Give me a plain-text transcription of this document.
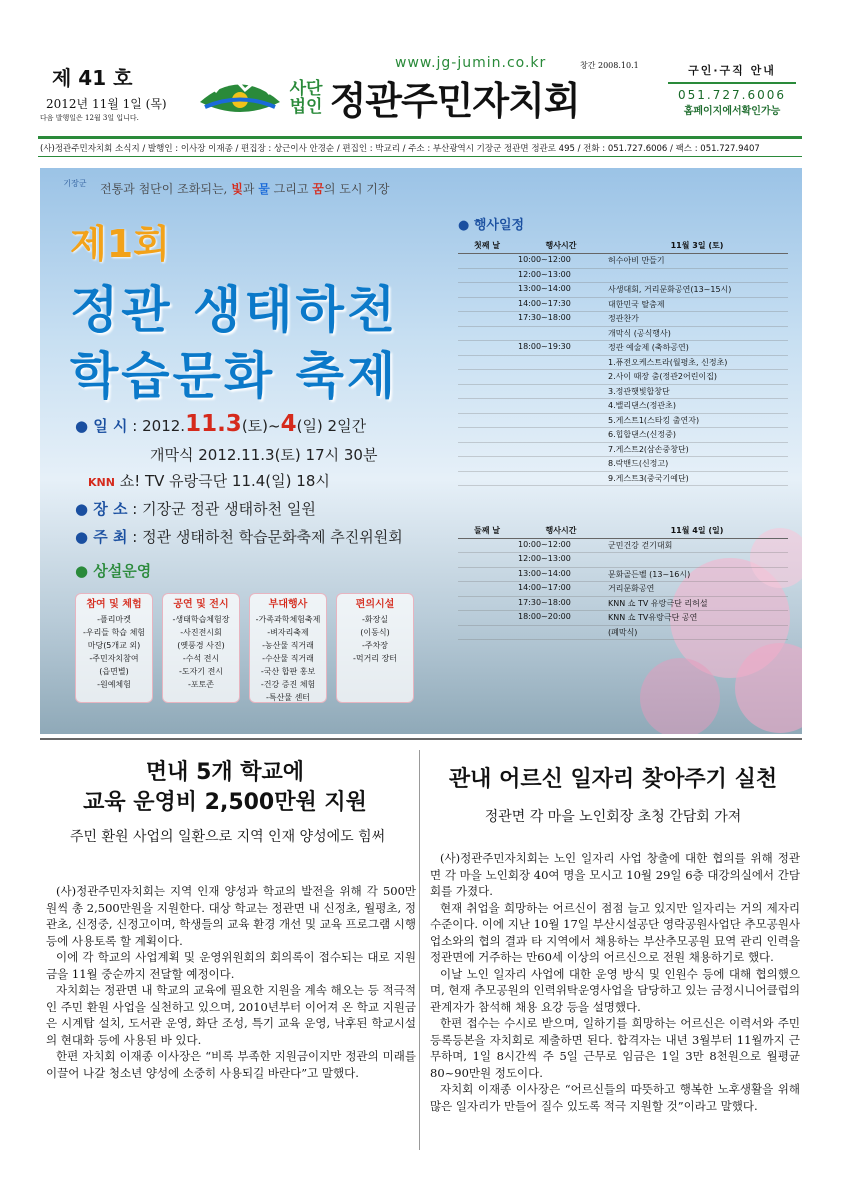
제 41 호
2012년 11월 1일 (목)
다음 발행일은 12월 3일 입니다.
www.jg-jumin.co.kr	창간 2008.10.1
사단
법인 정관주민자치회
구인·구직 안내
051.727.6006
홈페이지에서확인가능
(사)정관주민자치회 소식지 / 발행인 : 이사장 이재종 / 편집장 : 상근이사 안경순 / 편집인 : 박교리 / 주소 : 부산광역시 기장군 정관면 정관로 495 / 전화 : 051.727.6006 / 팩스 : 051.727.9407
기장군	전통과 첨단이 조화되는, 빛과 물 그리고 꿈의 도시 기장
제1회
정관 생태하천
학습문화 축제
● 일 시 : 2012.11.3(토)~4(일) 2일간
개막식 2012.11.3(토) 17시 30분
KNN 쇼! TV 유랑극단 11.4(일) 18시
● 장 소 : 기장군 정관 생태하천 일원
● 주 최 : 정관 생태하천 학습문화축제 추진위원회
● 상설운영
참여 및 체험
-플리마켓
-우리들 학습 체험
마당(5개교 외)
-주민자치참여
(읍면별)
-원예체험
공연 및 전시
-생태학습체험장
-사진전시회
(옛풍경 사진)
-수석 전시
-도자기 전시
-포토존
부대행사
-가족과학체험축제
-벼자리축제
-농산물 직거래
-수산물 직거래
-국산 합판 홍보
-건강 증진 체험
-특산물 센터
편의시설
-화장실
(이동식)
-주차장
-먹거리 장터
● 행사일정
첫째 날	행사시간	11월 3일 (토)
	10:00~12:00	허수아비 만들기
	12:00~13:00	
	13:00~14:00	사생대회, 거리문화공연(13~15시)
	14:00~17:30	대한민국 탈춤제
	17:30~18:00	정관찬가
		개막식 (공식행사)
	18:00~19:30	정관 예술제 (축하공연)
		1.퓨전오케스트라(월평초, 신정초)
		2.사이 때장 춤(정관2어린이집)
		3.정관햇빛합창단
		4.밸리댄스(정관초)
		5.게스트1(스타킹 출연자)
		6.힙합댄스(신정중)
		7.게스트2(삼손중창단)
		8.락밴드(신정고)
		9.게스트3(중국기예단)

둘째 날	행사시간	11월 4일 (일)
	10:00~12:00	군민건강 걷기대회
	12:00~13:00	
	13:00~14:00	문화골든벨 (13~16시)
	14:00~17:00	거리문화공연
	17:30~18:00	KNN 쇼 TV 유랑극단 리허설
	18:00~20:00	KNN 쇼 TV유랑극단 공연
		(폐막식)
면내 5개 학교에
교육 운영비 2,500만원 지원
주민 환원 사업의 일환으로 지역 인재 양성에도 힘써

(사)정관주민자치회는 지역 인재 양성과 학교의 발전을 위해 각 500만원씩 총 2,500만원을 지원한다. 대상 학교는 정관면 내 신정초, 월평초, 정관초, 신정중, 신정고이며, 학생들의 교육 환경 개선 및 교육 프로그램 시행 등에 사용토록 할 계획이다.

이에 각 학교의 사업계획 및 운영위원회의 회의록이 접수되는 대로 지원금을 11월 중순까지 전달할 예정이다.

자치회는 정관면 내 학교의 교육에 필요한 지원을 계속 해오는 등 적극적인 주민 환원 사업을 실천하고 있으며, 2010년부터 이어져 온 학교 지원금은 시계탑 설치, 도서관 운영, 화단 조성, 특기 교육 운영, 낙후된 학교시설의 현대화 등에 사용된 바 있다.

한편 자치회 이재종 이사장은 “비록 부족한 지원금이지만 정관의 미래를 이끌어 나갈 청소년 양성에 소중히 사용되길 바란다”고 말했다.

관내 어르신 일자리 찾아주기 실천
정관면 각 마을 노인회장 초청 간담회 가져

(사)정관주민자치회는 노인 일자리 사업 창출에 대한 협의를 위해 정관면 각 마을 노인회장 40여 명을 모시고 10월 29일 6층 대강의실에서 간담회를 가졌다.

현재 취업을 희망하는 어르신이 점점 늘고 있지만 일자리는 거의 제자리 수준이다. 이에 지난 10월 17일 부산시설공단 영락공원사업단 추모공원사업소와의 협의 결과 타 지역에서 채용하는 부산추모공원 묘역 관리 인력을 정관면에 거주하는 만60세 이상의 어르신으로 전원 채용하기로 했다.

이날 노인 일자리 사업에 대한 운영 방식 및 인원수 등에 대해 협의했으며, 현재 추모공원의 인력위탁운영사업을 담당하고 있는 금정시니어클럽의 관계자가 참석해 채용 요강 등을 설명했다.

한편 접수는 수시로 받으며, 일하기를 희망하는 어르신은 이력서와 주민등록등본을 자치회로 제출하면 된다. 합격자는 내년 3월부터 11월까지 근무하며, 1일 8시간씩 주 5일 근무로 임금은 1일 3만 8천원으로 월평균 80~90만원 정도이다.

자치회 이재종 이사장은 “어르신들의 따뜻하고 행복한 노후생활을 위해 많은 일자리가 만들어 질수 있도록 적극 지원할 것”이라고 말했다.
